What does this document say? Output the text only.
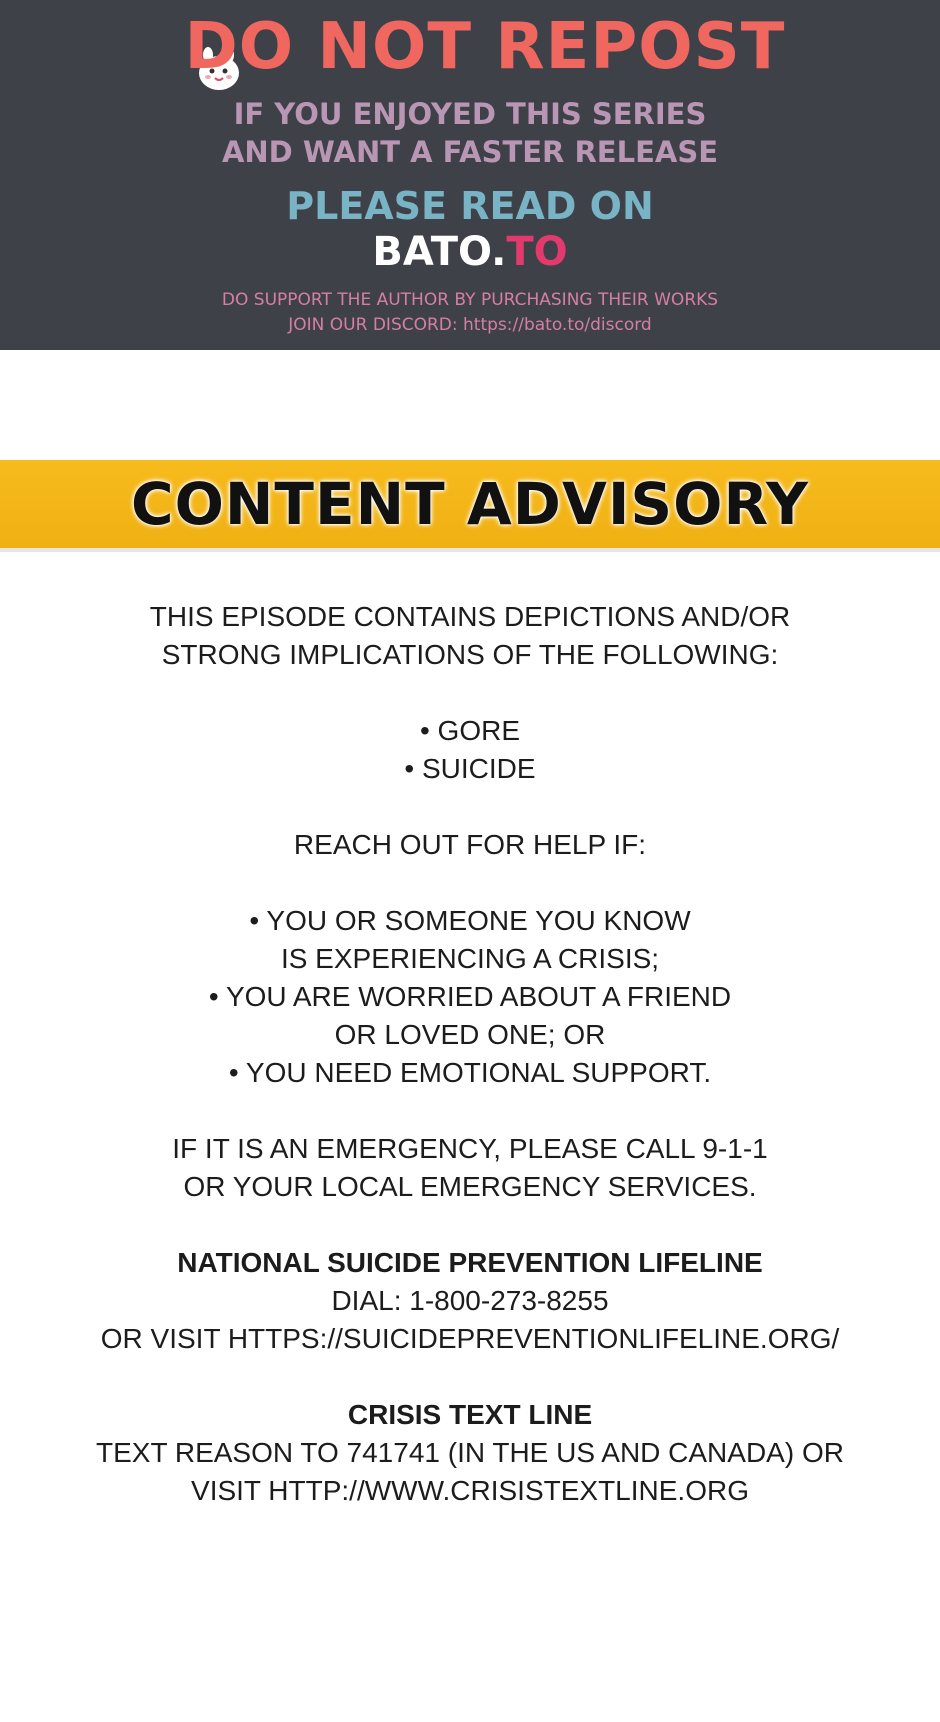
DO NOT REPOST
IF YOU ENJOYED THIS SERIES
AND WANT A FASTER RELEASE
PLEASE READ ON
BATO.TO
DO SUPPORT THE AUTHOR BY PURCHASING THEIR WORKS
JOIN OUR DISCORD: https://bato.to/discord
CONTENT ADVISORY
THIS EPISODE CONTAINS DEPICTIONS AND/OR
STRONG IMPLICATIONS OF THE FOLLOWING:
• GORE
• SUICIDE
REACH OUT FOR HELP IF:
• YOU OR SOMEONE YOU KNOW
IS EXPERIENCING A CRISIS;
• YOU ARE WORRIED ABOUT A FRIEND
OR LOVED ONE; OR
• YOU NEED EMOTIONAL SUPPORT.
IF IT IS AN EMERGENCY, PLEASE CALL 9-1-1
OR YOUR LOCAL EMERGENCY SERVICES.
NATIONAL SUICIDE PREVENTION LIFELINE
DIAL: 1-800-273-8255
OR VISIT HTTPS://SUICIDEPREVENTIONLIFELINE.ORG/
CRISIS TEXT LINE
TEXT REASON TO 741741 (IN THE US AND CANADA) OR
VISIT HTTP://WWW.CRISISTEXTLINE.ORG
